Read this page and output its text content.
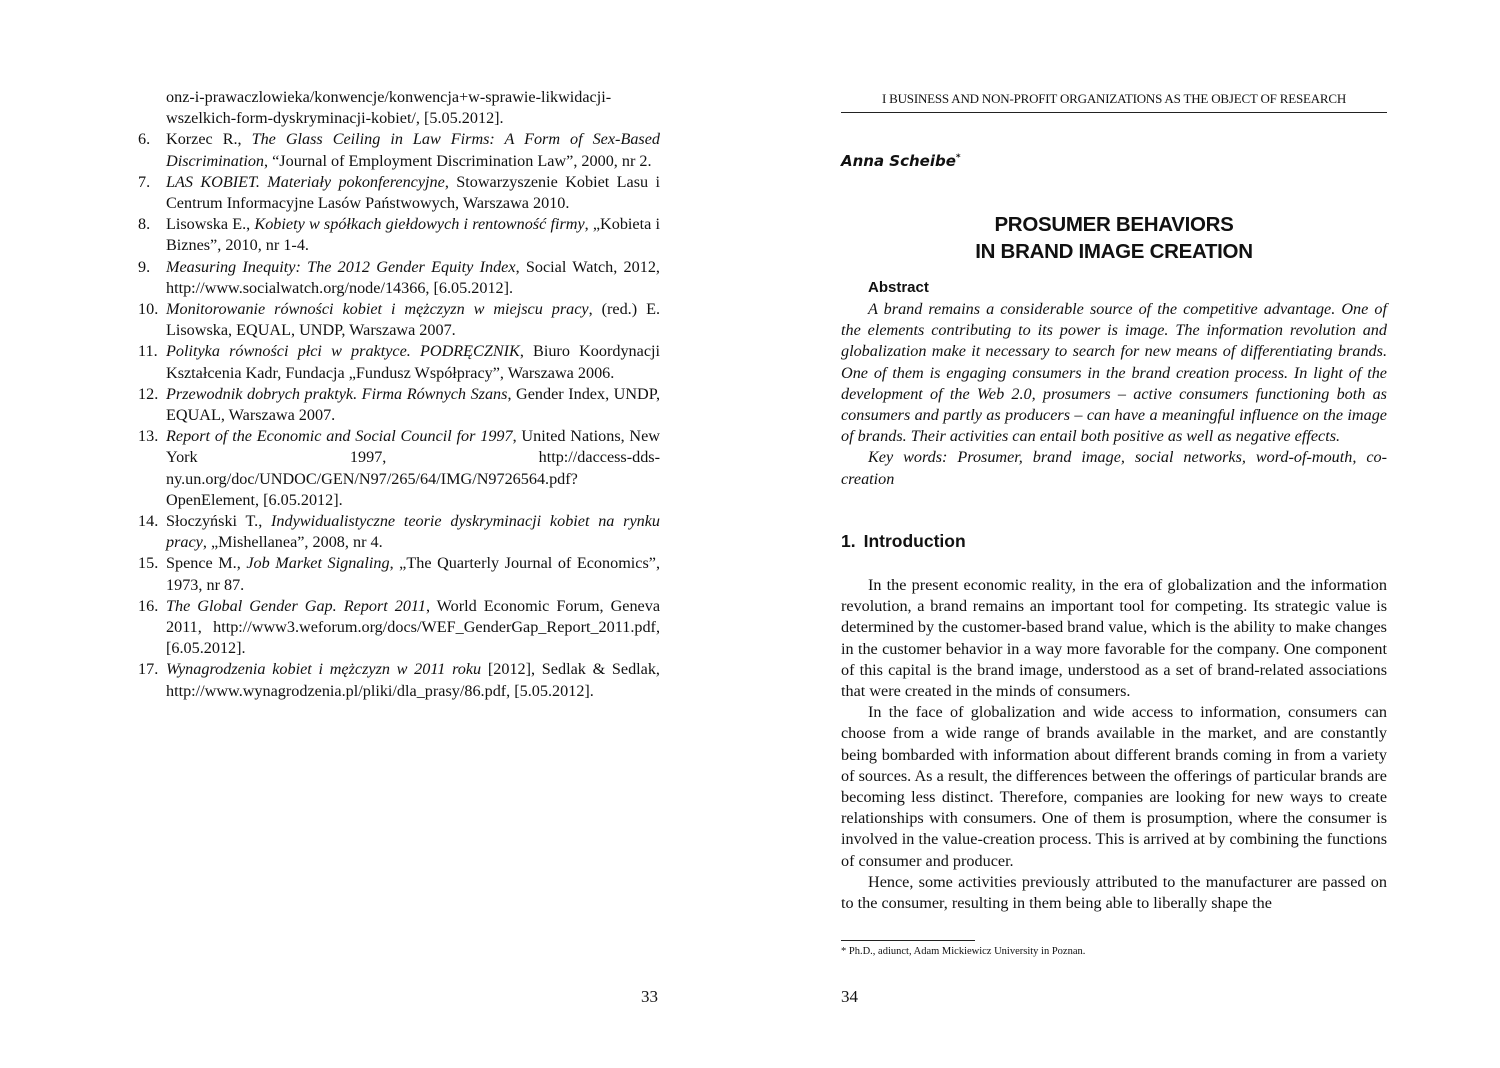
onz-i-prawaczlowieka/konwencje/konwencja+w-sprawie-likwidacji-wszelkich-form-dyskryminacji-kobiet/, [5.05.2012].

6. Korzec R., The Glass Ceiling in Law Firms: A Form of Sex-Based Discrimination, “Journal of Employment Discrimination Law”, 2000, nr 2.
7. LAS KOBIET. Materiały pokonferencyjne, Stowarzyszenie Kobiet Lasu i Centrum Informacyjne Lasów Państwowych, Warszawa 2010.
8. Lisowska E., Kobiety w spółkach giełdowych i rentowność firmy, „Kobieta i Biznes”, 2010, nr 1-4.
9. Measuring Inequity: The 2012 Gender Equity Index, Social Watch, 2012, http://www.socialwatch.org/node/14366, [6.05.2012].
10. Monitorowanie równości kobiet i mężczyzn w miejscu pracy, (red.) E. Lisowska, EQUAL, UNDP, Warszawa 2007.
11. Polityka równości płci w praktyce. PODRĘCZNIK, Biuro Koordynacji Kształcenia Kadr, Fundacja „Fundusz Współpracy”, Warszawa 2006.
12. Przewodnik dobrych praktyk. Firma Równych Szans, Gender Index, UNDP, EQUAL, Warszawa 2007.
13. Report of the Economic and Social Council for 1997, United Nations, New York 1997, http://daccess-dds-ny.un.org/doc/UNDOC/GEN/N97/265/64/IMG/N9726564.pdf?OpenElement, [6.05.2012].
14. Słoczyński T., Indywidualistyczne teorie dyskryminacji kobiet na rynku pracy, „Mishellanea”, 2008, nr 4.
15. Spence M., Job Market Signaling, „The Quarterly Journal of Economics”, 1973, nr 87.
16. The Global Gender Gap. Report 2011, World Economic Forum, Geneva 2011, http://www3.weforum.org/docs/WEF_GenderGap_Report_2011.pdf, [6.05.2012].
17. Wynagrodzenia kobiet i mężczyzn w 2011 roku [2012], Sedlak & Sedlak, http://www.wynagrodzenia.pl/pliki/dla_prasy/86.pdf, [5.05.2012].
33
I BUSINESS AND NON-PROFIT ORGANIZATIONS AS THE OBJECT OF RESEARCH
Anna Scheibe*
PROSUMER BEHAVIORS
IN BRAND IMAGE CREATION
Abstract

A brand remains a considerable source of the competitive advantage. One of the elements contributing to its power is image. The information revolution and globalization make it necessary to search for new means of differentiating brands. One of them is engaging consumers in the brand creation process. In light of the development of the Web 2.0, prosumers – active consumers functioning both as consumers and partly as producers – can have a meaningful influence on the image of brands. Their activities can entail both positive as well as negative effects.

Key words: Prosumer, brand image, social networks, word-of-mouth, co-creation

1. Introduction

In the present economic reality, in the era of globalization and the information revolution, a brand remains an important tool for competing. Its strategic value is determined by the customer-based brand value, which is the ability to make changes in the customer behavior in a way more favorable for the company. One component of this capital is the brand image, understood as a set of brand-related associations that were created in the minds of consumers.

In the face of globalization and wide access to information, consumers can choose from a wide range of brands available in the market, and are constantly being bombarded with information about different brands coming in from a variety of sources. As a result, the differences between the offerings of particular brands are becoming less distinct. Therefore, companies are looking for new ways to create relationships with consumers. One of them is prosumption, where the consumer is involved in the value-creation process. This is arrived at by combining the functions of consumer and producer.

Hence, some activities previously attributed to the manufacturer are passed on to the consumer, resulting in them being able to liberally shape the

* Ph.D., adiunct, Adam Mickiewicz University in Poznan.
34
